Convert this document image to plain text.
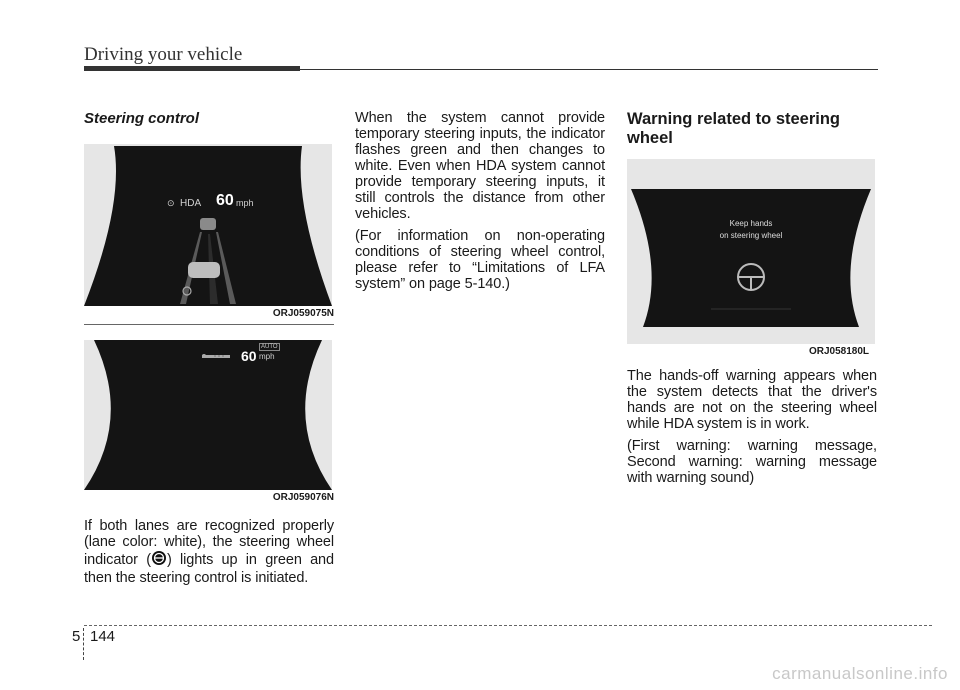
Driving your vehicle

Steering control

⊙ HDA 60 mph
ORJ059075N
AUTO
60 mph
ORJ059076N

If both lanes are recognized properly (lane color: white), the steering wheel indicator ( ) lights up in green and then the steering control is initiated.

When the system cannot provide temporary steering inputs, the indicator flashes green and then changes to white. Even when HDA system cannot provide temporary steering inputs, it still controls the distance from other vehicles.

(For information on non-operating conditions of steering wheel control, please refer to “Limitations of LFA system” on page 5-140.)

Warning related to steering
wheel
Keep hands
on steering wheel
ORJ058180L

The hands-off warning appears when the system detects that the driver's hands are not on the steering wheel while HDA system is in work.

(First warning: warning message, Second warning: warning message with warning sound)

5 144
carmanualsonline.info
